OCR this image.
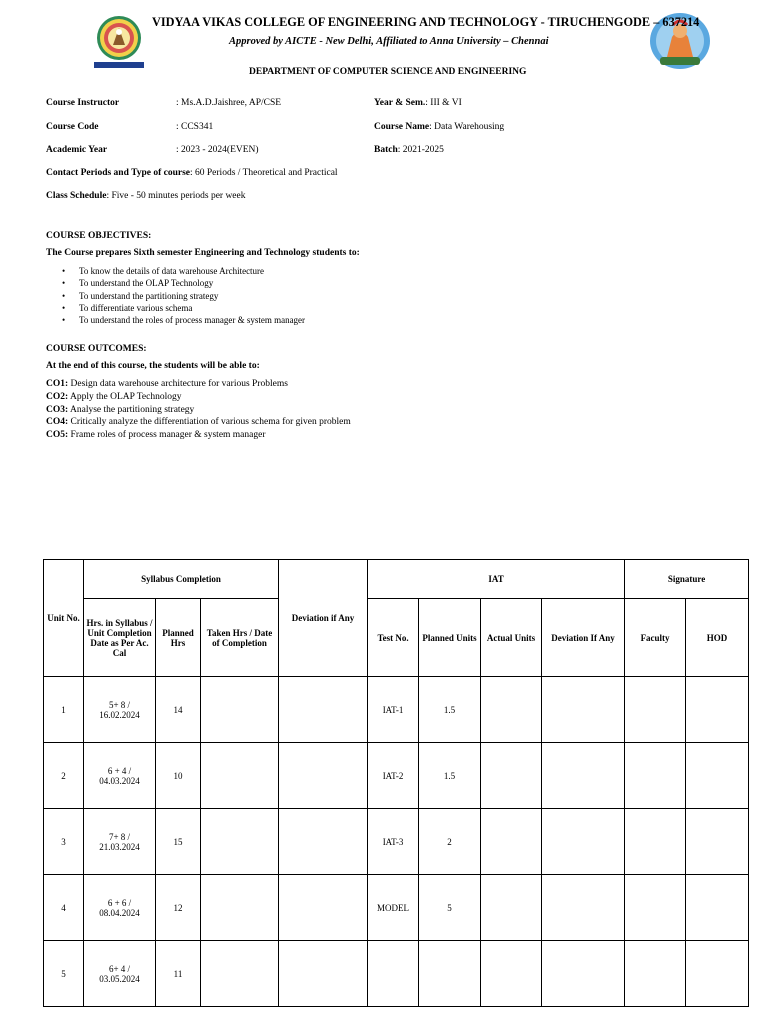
VIDYAA VIKAS COLLEGE OF ENGINEERING AND TECHNOLOGY - TIRUCHENGODE – 637214
Approved by AICTE - New Delhi, Affiliated to Anna University – Chennai
DEPARTMENT OF COMPUTER SCIENCE AND ENGINEERING
Course Instructor	: Ms.A.D.Jaishree, AP/CSE	Year & Sem.: III & VI
Course Code	: CCS341	Course Name: Data Warehousing
Academic Year	: 2023 - 2024(EVEN)	Batch: 2021-2025
Contact Periods and Type of course: 60 Periods / Theoretical and Practical
Class Schedule: Five - 50 minutes periods per week
COURSE OBJECTIVES:
The Course prepares Sixth semester Engineering and Technology students to:
• To know the details of data warehouse Architecture
• To understand the OLAP Technology
• To understand the partitioning strategy
• To differentiate various schema
• To understand the roles of process manager & system manager
COURSE OUTCOMES:
At the end of this course, the students will be able to:
CO1: Design data warehouse architecture for various Problems
CO2: Apply the OLAP Technology
CO3: Analyse the partitioning strategy
CO4: Critically analyze the differentiation of various schema for given problem
CO5: Frame roles of process manager & system manager
Unit No.	Syllabus Completion			Deviation if Any	IAT				Signature	
	Hrs. in Syllabus / Unit Completion Date as Per Ac. Cal	Planned Hrs	Taken Hrs / Date of Completion		Test No.	Planned Units	Actual Units	Deviation If Any	Faculty	HOD
1	5+ 8 /
16.02.2024	14			IAT-1	1.5				
2	6 + 4 /
04.03.2024	10			IAT-2	1.5				
3	7+ 8 /
21.03.2024	15			IAT-3	2				
4	6 + 6 /
08.04.2024	12			MODEL	5				
5	6+ 4 /
03.05.2024	11								
